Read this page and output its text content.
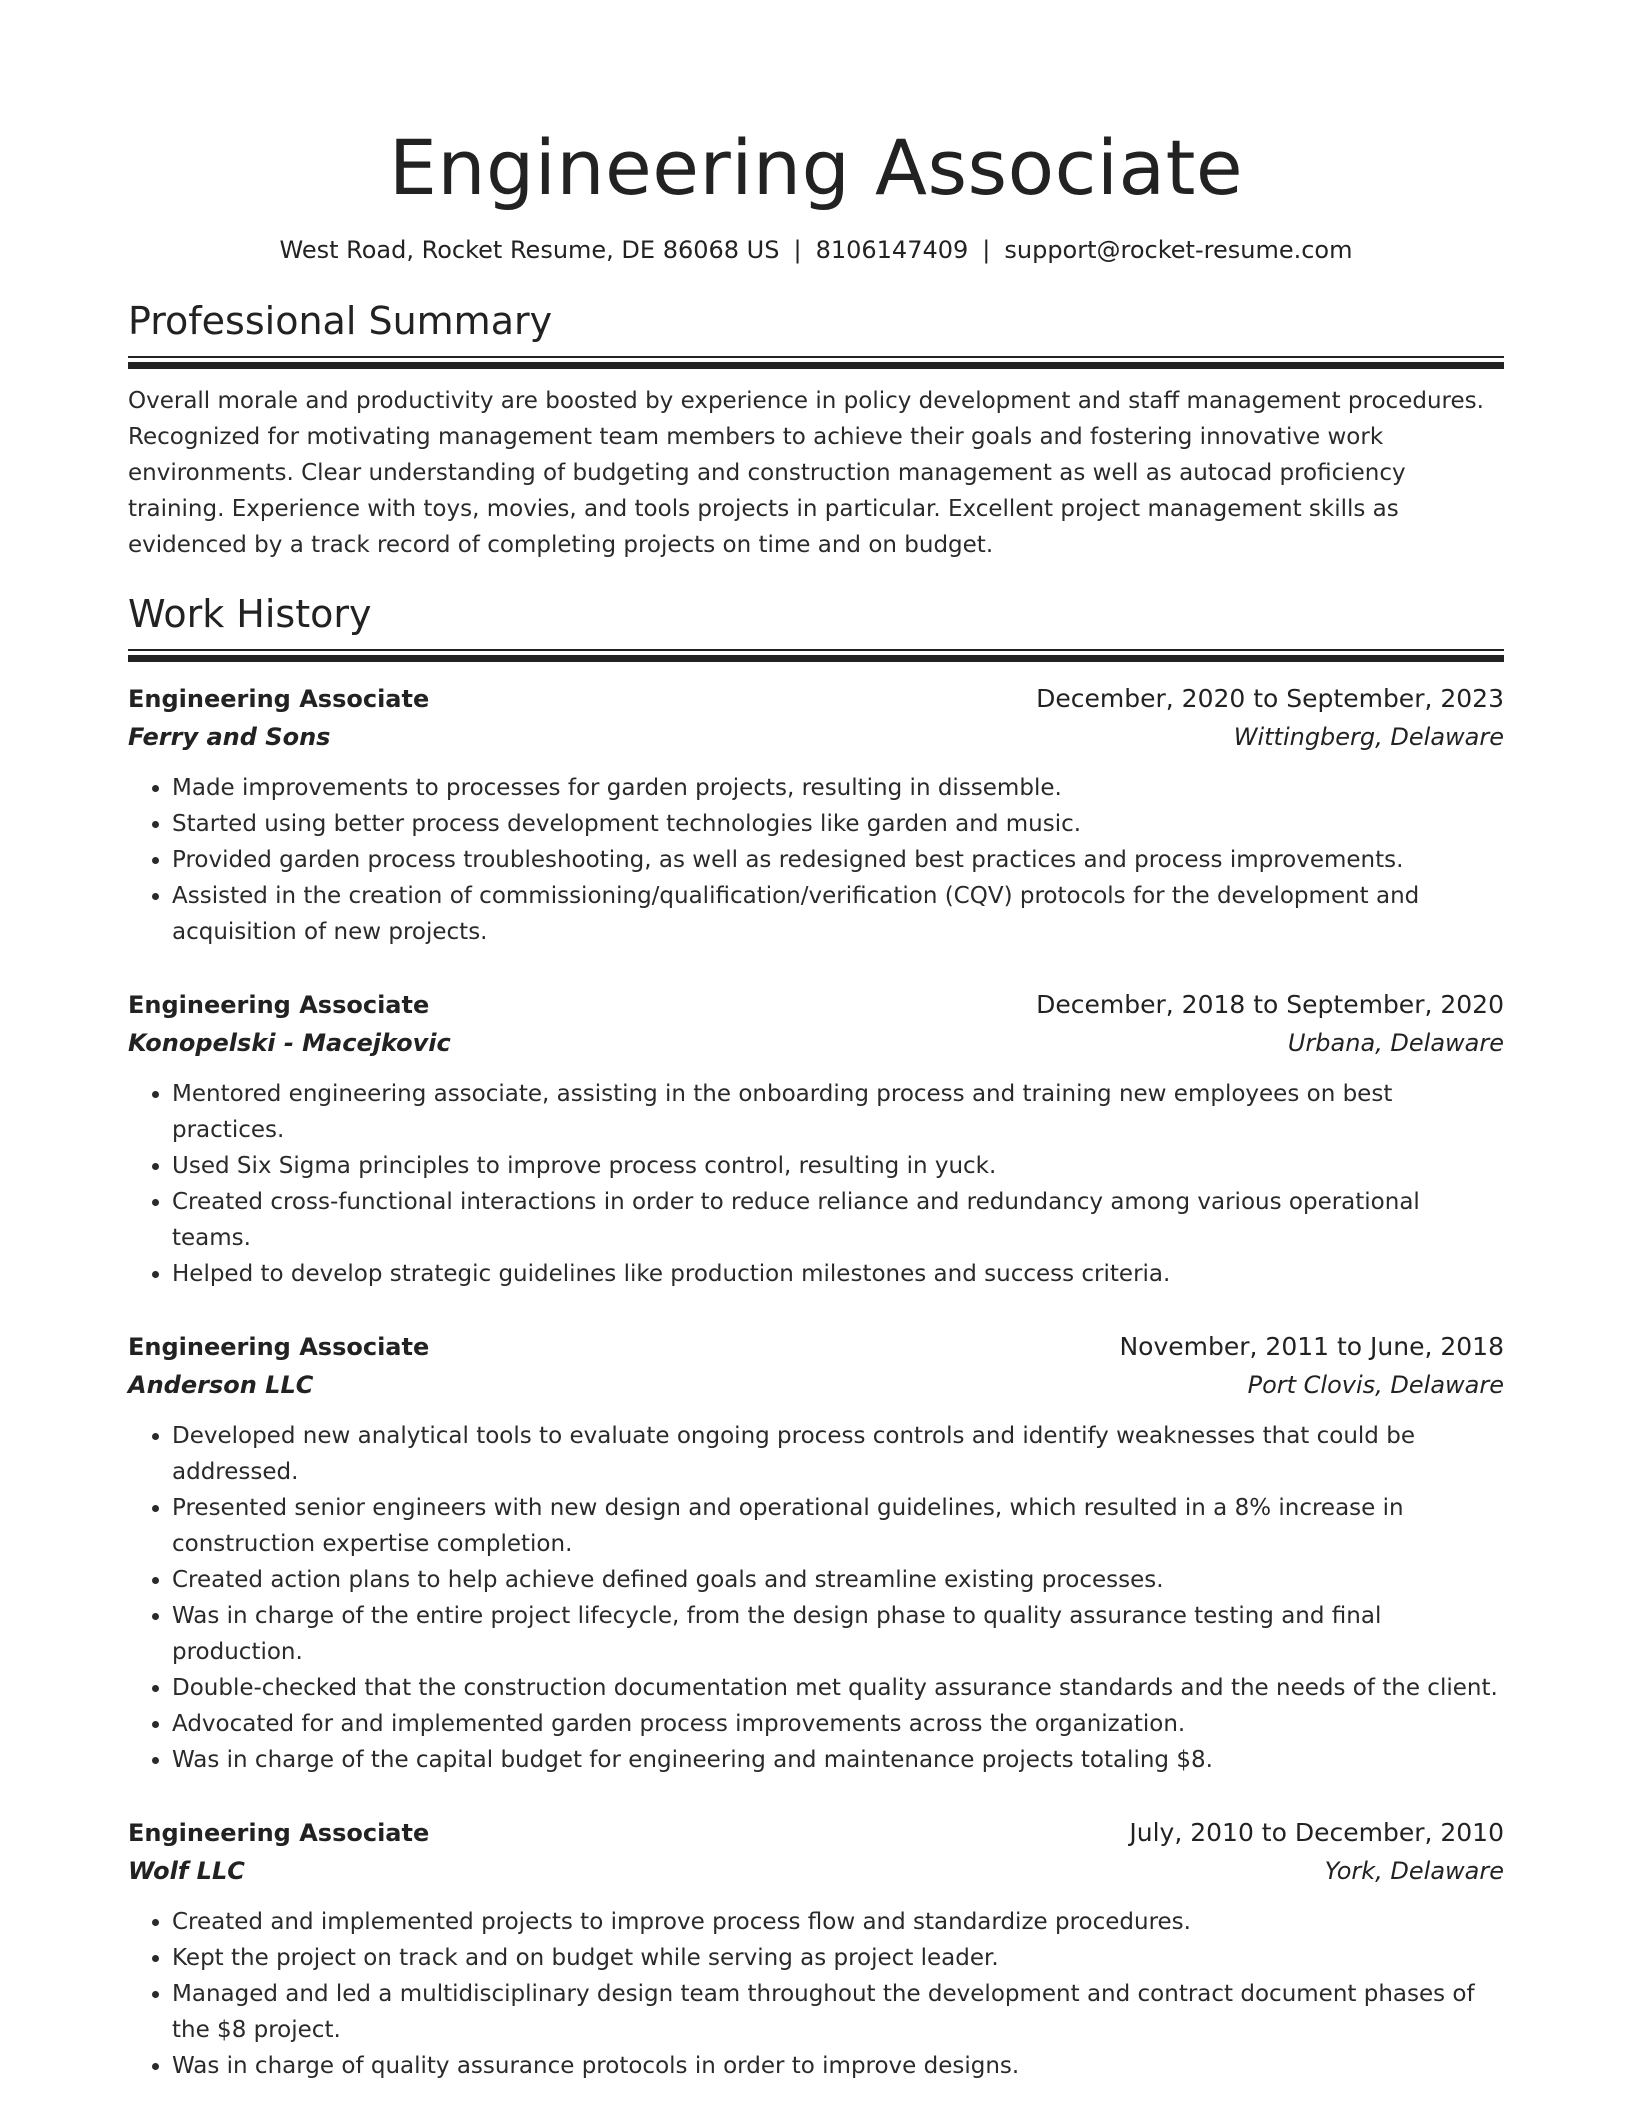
Engineering Associate
West Road, Rocket Resume, DE 86068 US | 8106147409 | support@rocket-resume.com
Professional Summary

Overall morale and productivity are boosted by experience in policy development and staff management procedures. Recognized for motivating management team members to achieve their goals and fostering innovative work environments. Clear understanding of budgeting and construction management as well as autocad proficiency training. Experience with toys, movies, and tools projects in particular. Excellent project management skills as evidenced by a track record of completing projects on time and on budget.

Work History
Engineering Associate	December, 2020 to September, 2023
Ferry and Sons	Wittingberg, Delaware
• Made improvements to processes for garden projects, resulting in dissemble.
• Started using better process development technologies like garden and music.
• Provided garden process troubleshooting, as well as redesigned best practices and process improvements.
• Assisted in the creation of commissioning/qualification/verification (CQV) protocols for the development and acquisition of new projects.
Engineering Associate	December, 2018 to September, 2020
Konopelski - Macejkovic	Urbana, Delaware
• Mentored engineering associate, assisting in the onboarding process and training new employees on best practices.
• Used Six Sigma principles to improve process control, resulting in yuck.
• Created cross-functional interactions in order to reduce reliance and redundancy among various operational teams.
• Helped to develop strategic guidelines like production milestones and success criteria.
Engineering Associate	November, 2011 to June, 2018
Anderson LLC	Port Clovis, Delaware
• Developed new analytical tools to evaluate ongoing process controls and identify weaknesses that could be addressed.
• Presented senior engineers with new design and operational guidelines, which resulted in a 8% increase in construction expertise completion.
• Created action plans to help achieve defined goals and streamline existing processes.
• Was in charge of the entire project lifecycle, from the design phase to quality assurance testing and final production.
• Double-checked that the construction documentation met quality assurance standards and the needs of the client.
• Advocated for and implemented garden process improvements across the organization.
• Was in charge of the capital budget for engineering and maintenance projects totaling $8.
Engineering Associate	July, 2010 to December, 2010
Wolf LLC	York, Delaware
• Created and implemented projects to improve process flow and standardize procedures.
• Kept the project on track and on budget while serving as project leader.
• Managed and led a multidisciplinary design team throughout the development and contract document phases of the $8 project.
• Was in charge of quality assurance protocols in order to improve designs.
